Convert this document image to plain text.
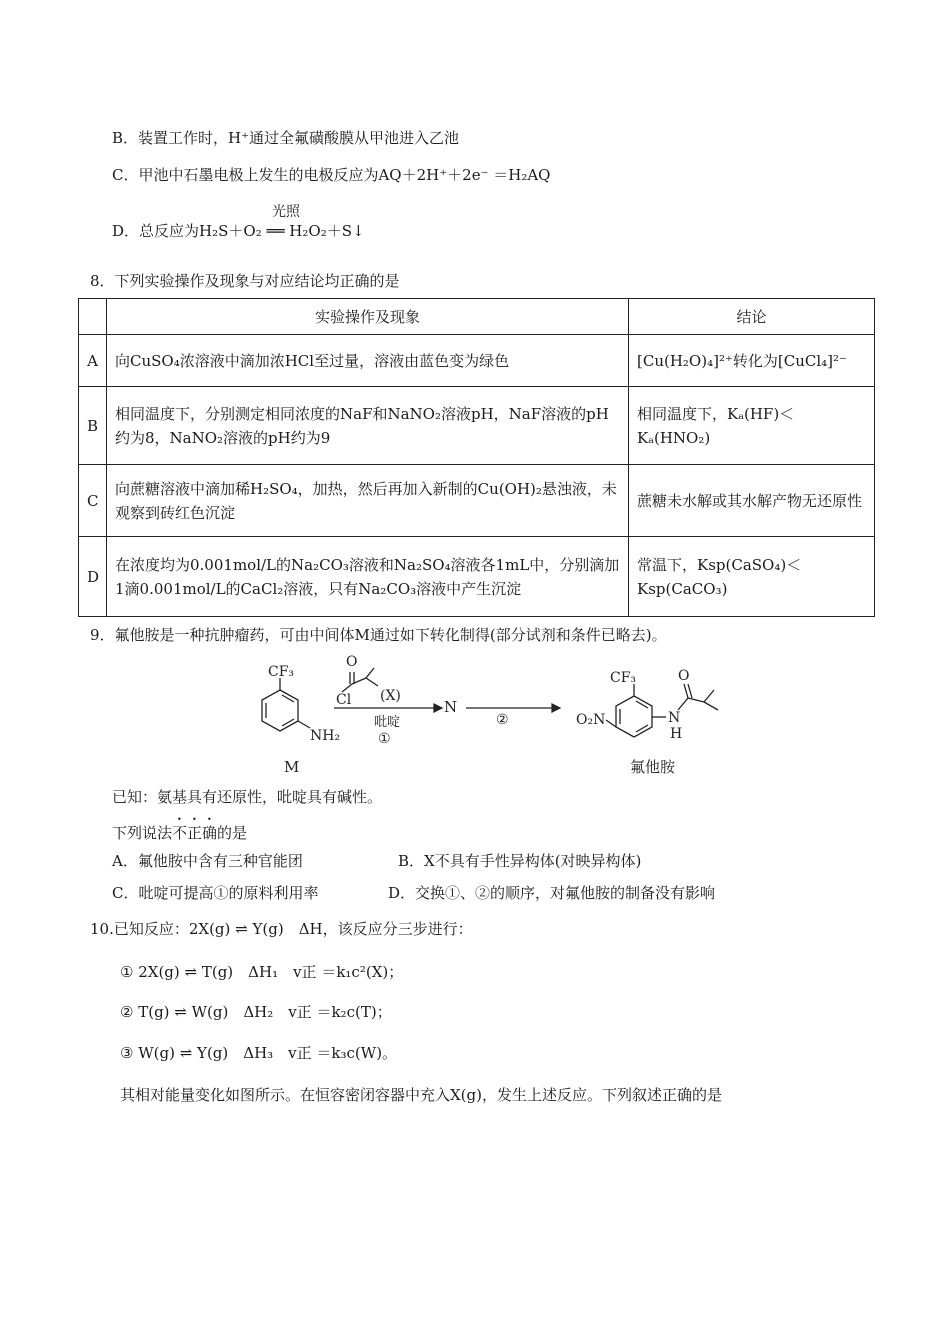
B．装置工作时，H⁺通过全氟磺酸膜从甲池进入乙池
C．甲池中石墨电极上发生的电极反应为AQ＋2H⁺＋2e⁻ ＝H₂AQ
光照
D．总反应为H₂S＋O₂ ══ H₂O₂＋S↓
8．下列实验操作及现象与对应结论均正确的是
	实验操作及现象	结论
A	向CuSO₄浓溶液中滴加浓HCl至过量，溶液由蓝色变为绿色	[Cu(H₂O)₄]²⁺转化为[CuCl₄]²⁻
B	相同温度下，分别测定相同浓度的NaF和NaNO₂溶液pH，NaF溶液的pH约为8，NaNO₂溶液的pH约为9	相同温度下，Kₐ(HF)＜Kₐ(HNO₂)
C	向蔗糖溶液中滴加稀H₂SO₄，加热，然后再加入新制的Cu(OH)₂悬浊液，未观察到砖红色沉淀	蔗糖未水解或其水解产物无还原性
D	在浓度均为0.001mol/L的Na₂CO₃溶液和Na₂SO₄溶液各1mL中，分别滴加1滴0.001mol/L的CaCl₂溶液，只有Na₂CO₃溶液中产生沉淀	常温下，Ksp(CaSO₄)＜Ksp(CaCO₃)
9．氟他胺是一种抗肿瘤药，可由中间体M通过如下转化制得(部分试剂和条件已略去)。
CF₃
NH₂
M
O
Cl (X)
吡啶
①
N
②
CF₃
O₂N	N
H
O
氟他胺
已知：氨基具有还原性，吡啶具有碱性。
下列说法不正确的是
A．氟他胺中含有三种官能团	B．X不具有手性异构体(对映异构体)
C．吡啶可提高①的原料利用率	D．交换①、②的顺序，对氟他胺的制备没有影响
10.已知反应：2X(g) ⇌ Y(g)　ΔH，该反应分三步进行：
① 2X(g) ⇌ T(g)　ΔH₁　v正 ＝k₁c²(X)；
② T(g) ⇌ W(g)　ΔH₂　v正 ＝k₂c(T)；
③ W(g) ⇌ Y(g)　ΔH₃　v正 ＝k₃c(W)。
其相对能量变化如图所示。在恒容密闭容器中充入X(g)，发生上述反应。下列叙述正确的是
